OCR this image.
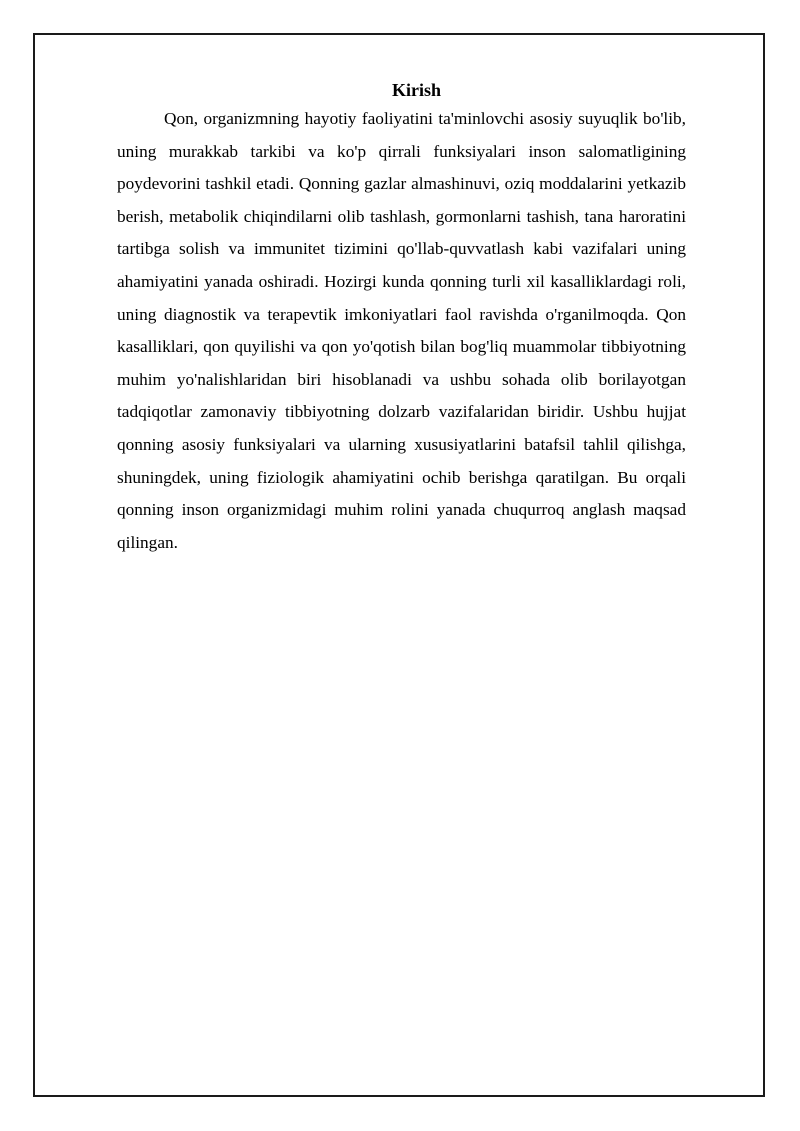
Kirish

Qon, organizmning hayotiy faoliyatini ta'minlovchi asosiy suyuqlik bo'lib, uning murakkab tarkibi va ko'p qirrali funksiyalari inson salomatligining poydevorini tashkil etadi. Qonning gazlar almashinuvi, oziq moddalarini yetkazib berish, metabolik chiqindilarni olib tashlash, gormonlarni tashish, tana haroratini tartibga solish va immunitet tizimini qo'llab-quvvatlash kabi vazifalari uning ahamiyatini yanada oshiradi. Hozirgi kunda qonning turli xil kasalliklardagi roli, uning diagnostik va terapevtik imkoniyatlari faol ravishda o'rganilmoqda. Qon kasalliklari, qon quyilishi va qon yo'qotish bilan bog'liq muammolar tibbiyotning muhim yo'nalishlaridan biri hisoblanadi va ushbu sohada olib borilayotgan tadqiqotlar zamonaviy tibbiyotning dolzarb vazifalaridan biridir. Ushbu hujjat qonning asosiy funksiyalari va ularning xususiyatlarini batafsil tahlil qilishga, shuningdek, uning fiziologik ahamiyatini ochib berishga qaratilgan. Bu orqali qonning inson organizmidagi muhim rolini yanada chuqurroq anglash maqsad qilingan.
